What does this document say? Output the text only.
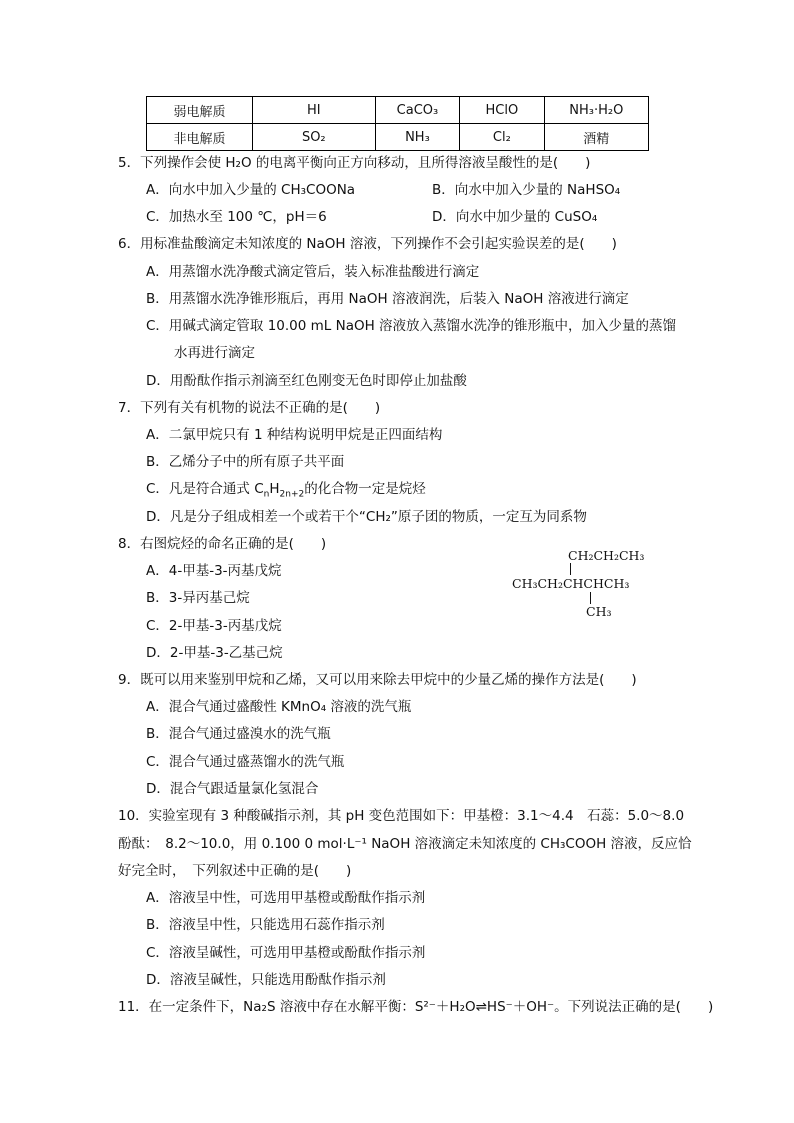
弱电解质	HI	CaCO₃	HClO	NH₃·H₂O
非电解质	SO₂	NH₃	Cl₂	酒精
5．下列操作会使 H₂O 的电离平衡向正方向移动，且所得溶液呈酸性的是(　　)
A．向水中加入少量的 CH₃COONa	B．向水中加入少量的 NaHSO₄
C．加热水至 100 ℃，pH＝6	D．向水中加少量的 CuSO₄
6．用标准盐酸滴定未知浓度的 NaOH 溶液，下列操作不会引起实验误差的是(　　)
A．用蒸馏水洗净酸式滴定管后，装入标准盐酸进行滴定
B．用蒸馏水洗净锥形瓶后，再用 NaOH 溶液润洗，后装入 NaOH 溶液进行滴定
C．用碱式滴定管取 10.00 mL NaOH 溶液放入蒸馏水洗净的锥形瓶中，加入少量的蒸馏
水再进行滴定
D．用酚酞作指示剂滴至红色刚变无色时即停止加盐酸
7．下列有关有机物的说法不正确的是(　　)
A．二氯甲烷只有 1 种结构说明甲烷是正四面结构
B．乙烯分子中的所有原子共平面
C．凡是符合通式 $C_nH_{2n+2}$的化合物一定是烷烃
D．凡是分子组成相差一个或若干个“CH₂”原子团的物质，一定互为同系物
8．右图烷烃的命名正确的是(　　)
A．4-甲基-3-丙基戊烷
B．3-异丙基己烷
C．2-甲基-3-丙基戊烷
D．2-甲基-3-乙基己烷
CH₂CH₂CH₃
CH₃CH₂CHCHCH₃
CH₃
9．既可以用来鉴别甲烷和乙烯，又可以用来除去甲烷中的少量乙烯的操作方法是(　　)
A．混合气通过盛酸性 KMnO₄ 溶液的洗气瓶
B．混合气通过盛溴水的洗气瓶
C．混合气通过盛蒸馏水的洗气瓶
D．混合气跟适量氯化氢混合
10．实验室现有 3 种酸碱指示剂，其 pH 变色范围如下：甲基橙：3.1～4.4　石蕊：5.0～8.0
酚酞：　8.2～10.0，用 0.100 0 mol·L⁻¹ NaOH 溶液滴定未知浓度的 CH₃COOH 溶液，反应恰
好完全时，　下列叙述中正确的是(　　)
A．溶液呈中性，可选用甲基橙或酚酞作指示剂
B．溶液呈中性，只能选用石蕊作指示剂
C．溶液呈碱性，可选用甲基橙或酚酞作指示剂
D．溶液呈碱性，只能选用酚酞作指示剂
11．在一定条件下，Na₂S 溶液中存在水解平衡：S²⁻＋H₂O⇌HS⁻＋OH⁻。下列说法正确的是(　　)
